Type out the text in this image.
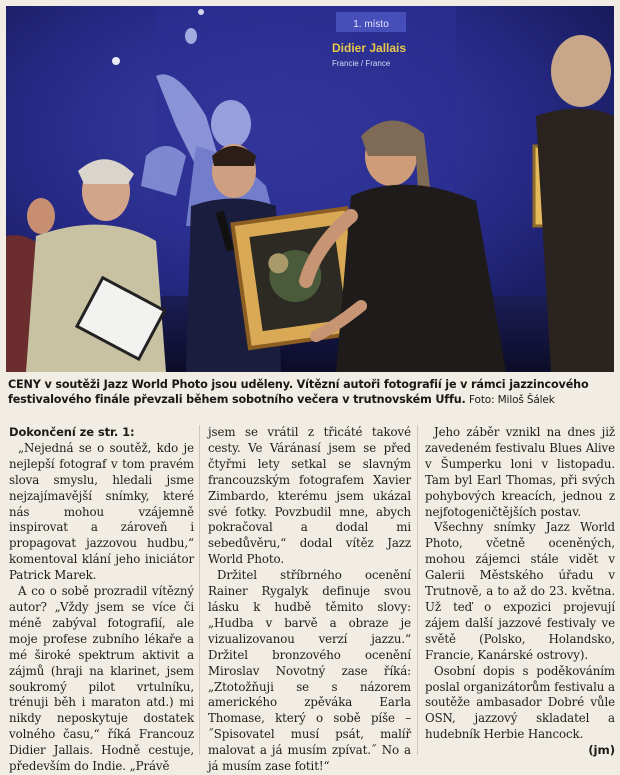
1. místo
Didier Jallais
Francie / France
CENY v soutěži Jazz World Photo jsou uděleny. Vítězní autoři fotografií je v rámci jazzincového festivalového finále převzali během sobotního večera v trutnovském Uffu. Foto: Miloš Šálek

Dokončení ze str. 1:

„Nejedná se o soutěž, kdo je nejlepší fotograf v tom pravém slova smyslu, hledali jsme nejzajímavější snímky, které nás mohou vzájemně inspirovat a zároveň i propagovat jazzovou hudbu,“ komentoval klání jeho iniciátor Patrick Marek.

A co o sobě prozradil vítězný autor? „Vždy jsem se více či méně zabýval fotografií, ale moje profese zubního lékaře a mé široké spektrum aktivit a zájmů (hraji na klarinet, jsem soukromý pilot vrtulníku, trénuji běh i maraton atd.) mi nikdy neposkytuje dostatek volného času,“ říká Francouz Didier Jallais. Hodně cestuje, především do Indie. „Právě

jsem se vrátil z třicáté takové cesty. Ve Váránasí jsem se před čtyřmi lety setkal se slavným francouzským fotografem Xavier Zimbardo, kterému jsem ukázal své fotky. Povzbudil mne, abych pokračoval a dodal mi sebedůvěru,“ dodal vítěz Jazz World Photo.

Držitel stříbrného ocenění Rainer Rygalyk definuje svou lásku k hudbě těmito slovy: „Hudba v barvě a obraze je vizualizovanou verzí jazzu.“ Držitel bronzového ocenění Miroslav Novotný zase říká: „Ztotožňuji se s názorem amerického zpěváka Earla Thomase, který o sobě píše – ˝Spisovatel musí psát, malíř malovat a já musím zpívat.˝ No a já musím zase fotit!“

Jeho záběr vznikl na dnes již zavedeném festivalu Blues Alive v Šumperku loni v listopadu. Tam byl Earl Thomas, při svých pohybových kreacích, jednou z nejfotogeničtějších postav.

Všechny snímky Jazz World Photo, včetně oceněných, mohou zájemci stále vidět v Galerii Městského úřadu v Trutnově, a to až do 23. května. Už teď o expozici projevují zájem další jazzové festivaly ve světě (Polsko, Holandsko, Francie, Kanárské ostrovy).

Osobní dopis s poděkováním poslal organizátorům festivalu a soutěže ambasador Dobré vůle OSN, jazzový skladatel a hudebník Herbie Hancock.

(jm)
